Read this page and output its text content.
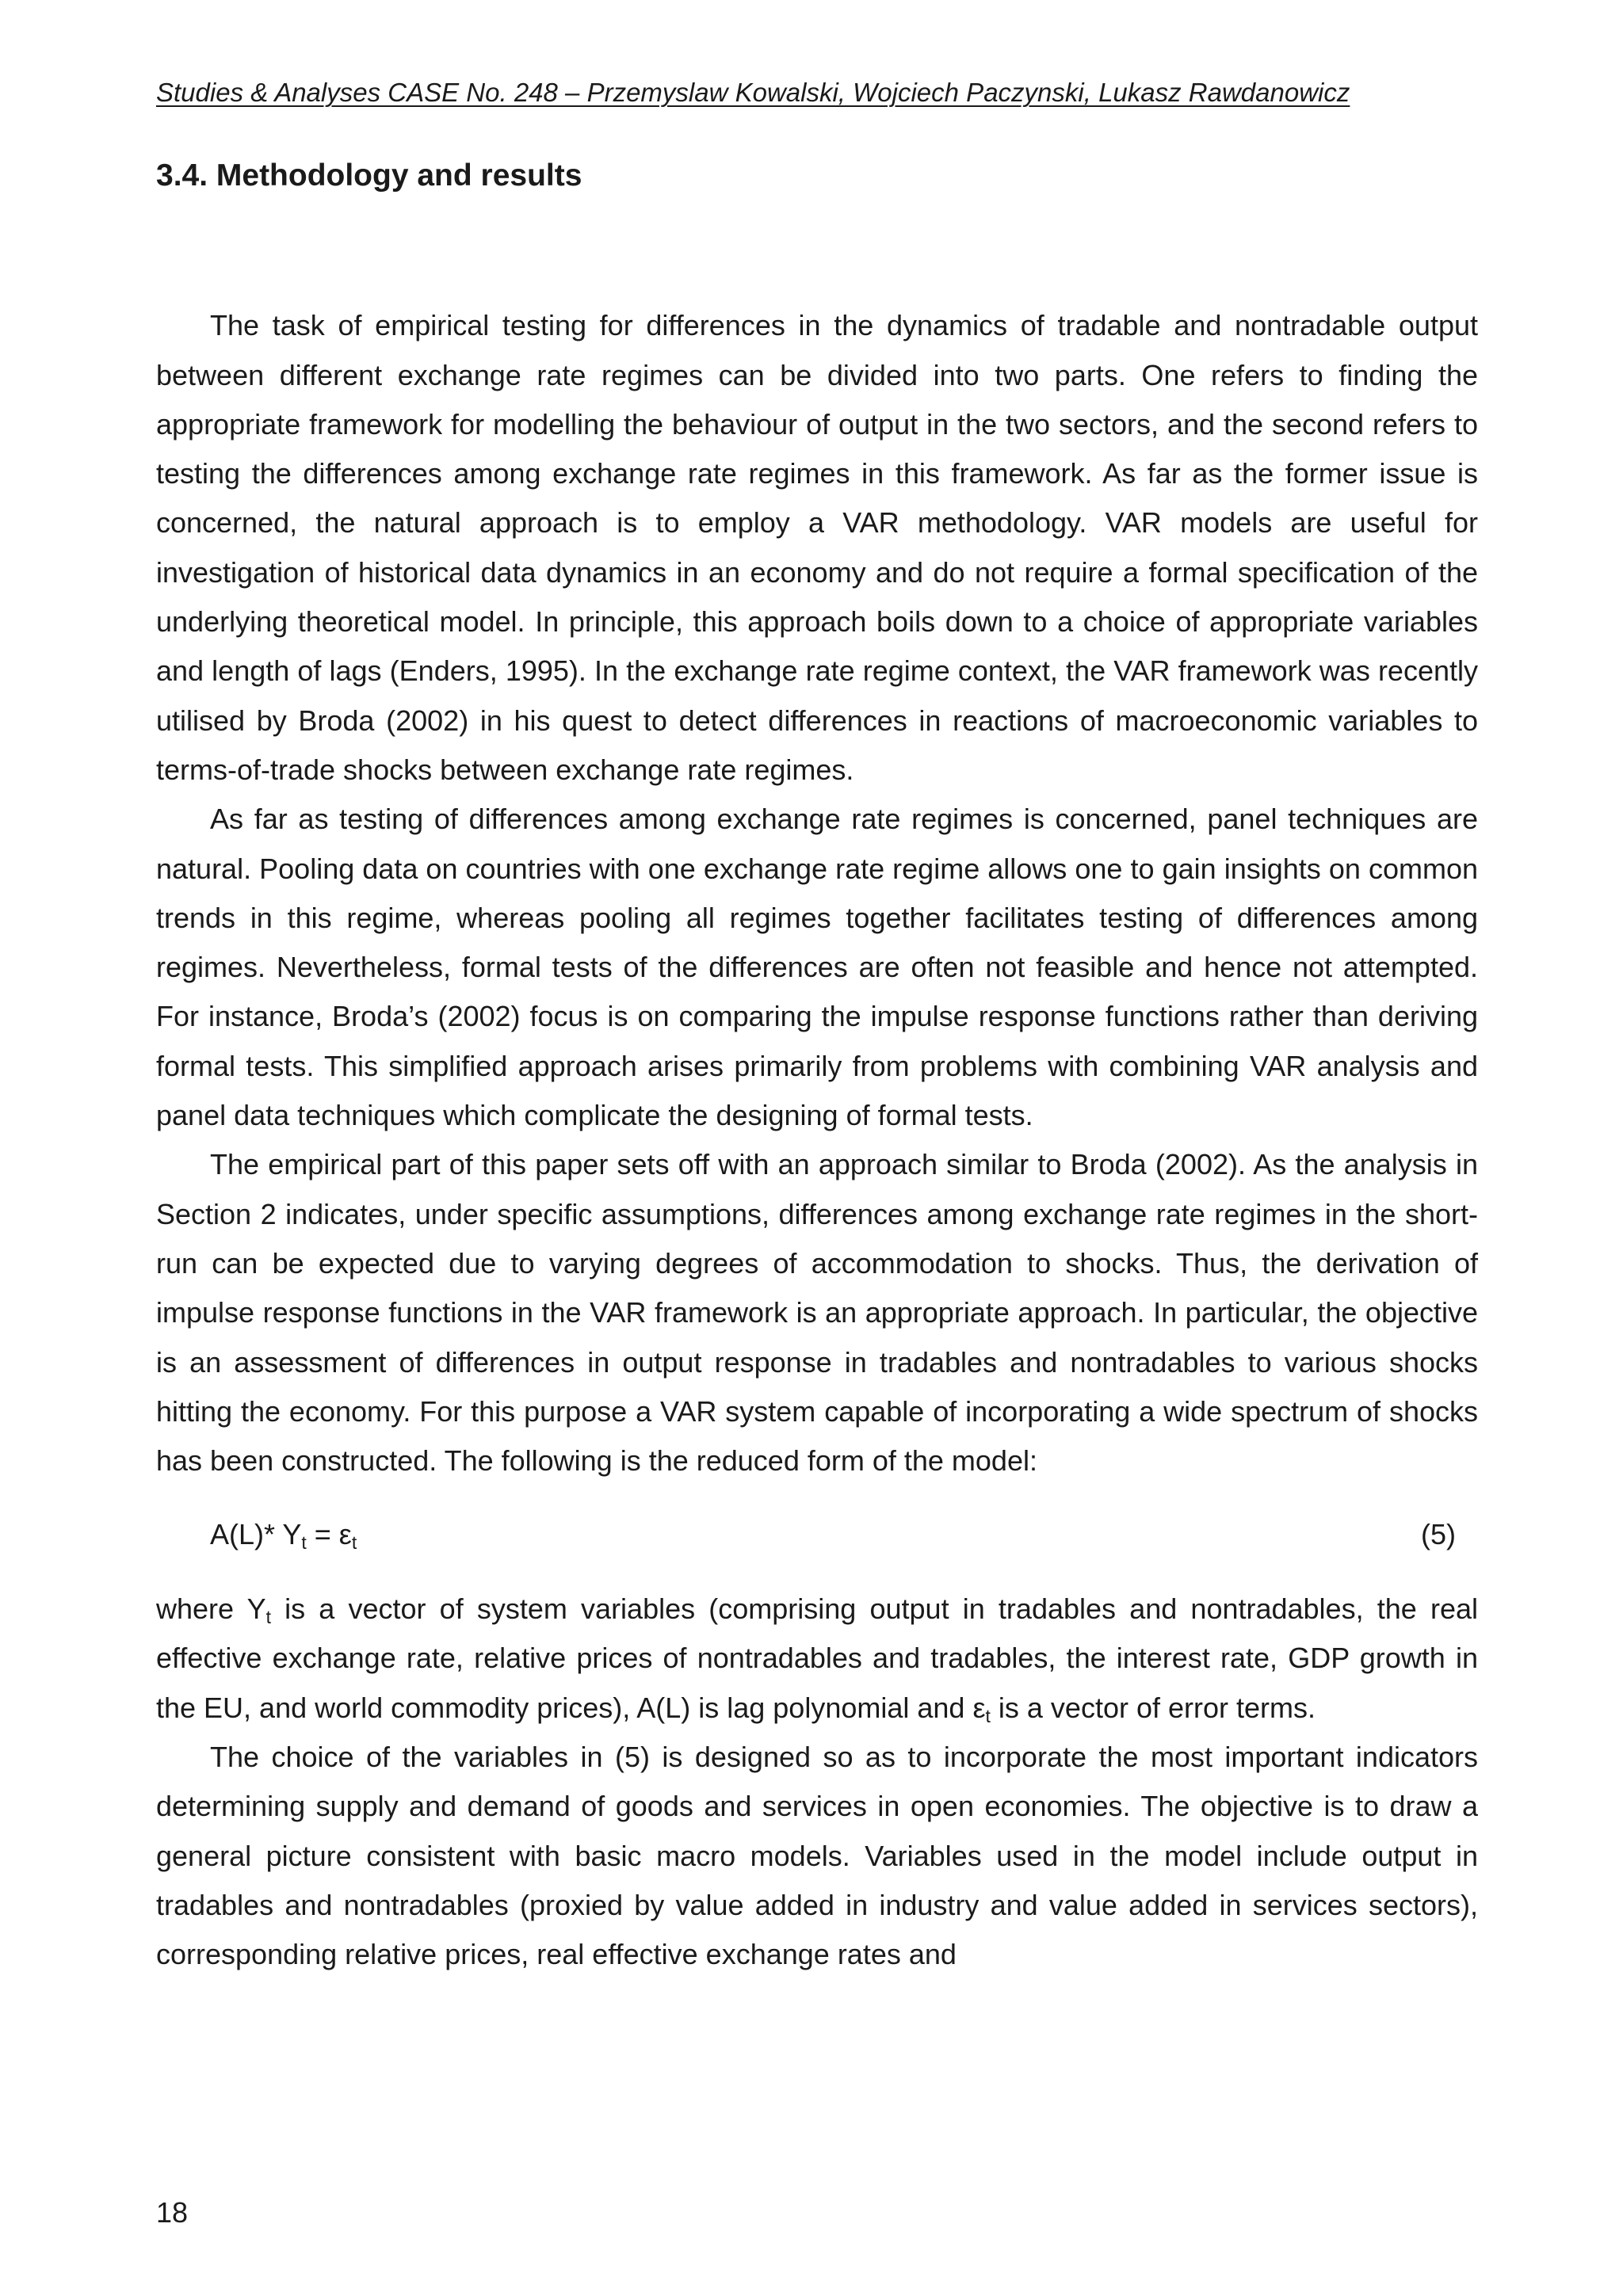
Studies & Analyses CASE No. 248 – Przemyslaw Kowalski, Wojciech Paczynski, Lukasz Rawdanowicz
3.4. Methodology and results

The task of empirical testing for differences in the dynamics of tradable and nontradable output between different exchange rate regimes can be divided into two parts. One refers to finding the appropriate framework for modelling the behaviour of output in the two sectors, and the second refers to testing the differences among exchange rate regimes in this framework. As far as the former issue is concerned, the natural approach is to employ a VAR methodology. VAR models are useful for investigation of historical data dynamics in an economy and do not require a formal specification of the underlying theoretical model. In principle, this approach boils down to a choice of appropriate variables and length of lags (Enders, 1995). In the exchange rate regime context, the VAR framework was recently utilised by Broda (2002) in his quest to detect differences in reactions of macroeconomic variables to terms-of-trade shocks between exchange rate regimes.

As far as testing of differences among exchange rate regimes is concerned, panel techniques are natural. Pooling data on countries with one exchange rate regime allows one to gain insights on common trends in this regime, whereas pooling all regimes together facilitates testing of differences among regimes. Nevertheless, formal tests of the differences are often not feasible and hence not attempted. For instance, Broda’s (2002) focus is on comparing the impulse response functions rather than deriving formal tests. This simplified approach arises primarily from problems with combining VAR analysis and panel data techniques which complicate the designing of formal tests.

The empirical part of this paper sets off with an approach similar to Broda (2002). As the analysis in Section 2 indicates, under specific assumptions, differences among exchange rate regimes in the short-run can be expected due to varying degrees of accommodation to shocks. Thus, the derivation of impulse response functions in the VAR framework is an appropriate approach. In particular, the objective is an assessment of differences in output response in tradables and nontradables to various shocks hitting the economy. For this purpose a VAR system capable of incorporating a wide spectrum of shocks has been constructed. The following is the reduced form of the model:

A(L)* $Y_t = \varepsilon_t$	(5)

where $Y_t$ is a vector of system variables (comprising output in tradables and nontradables, the real effective exchange rate, relative prices of nontradables and tradables, the interest rate, GDP growth in the EU, and world commodity prices), A(L) is lag polynomial and $\varepsilon_t$ is a vector of error terms.

The choice of the variables in (5) is designed so as to incorporate the most important indicators determining supply and demand of goods and services in open economies. The objective is to draw a general picture consistent with basic macro models. Variables used in the model include output in tradables and nontradables (proxied by value added in industry and value added in services sectors), corresponding relative prices, real effective exchange rates and

18
